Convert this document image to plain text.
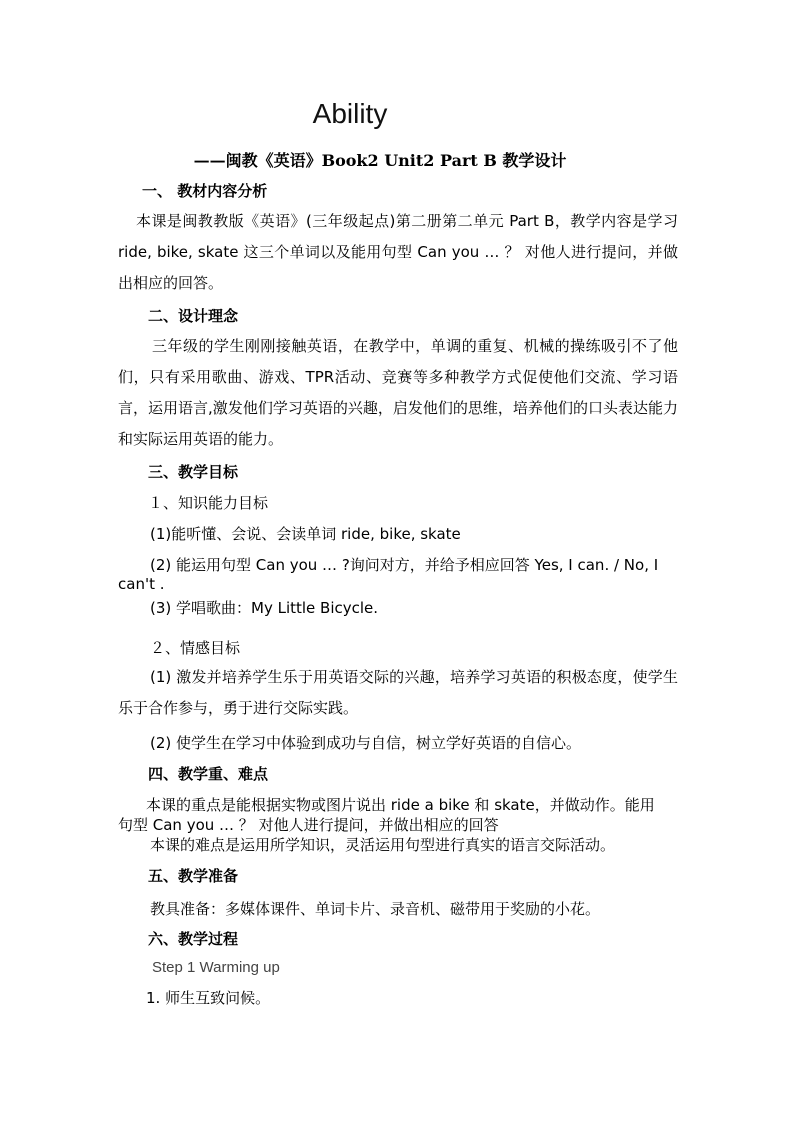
Ability
——闽教《英语》Book2 Unit2 Part B 教学设计
一、 教材内容分析
本课是闽教教版《英语》(三年级起点)第二册第二单元 Part B，教学内容是学习 ride, bike, skate 这三个单词以及能用句型 Can you … ？ 对他人进行提问，并做出相应的回答。
二、设计理念
三年级的学生刚刚接触英语，在教学中，单调的重复、机械的操练吸引不了他们，只有采用歌曲、游戏、TPR活动、竞赛等多种教学方式促使他们交流、学习语言，运用语言,激发他们学习英语的兴趣，启发他们的思维，培养他们的口头表达能力和实际运用英语的能力。
三、教学目标
１、知识能力目标
(1)能听懂、会说、会读单词 ride, bike, skate
(2) 能运用句型 Can you … ?询问对方，并给予相应回答 Yes, I can. / No, I
can't .
(3) 学唱歌曲：My Little Bicycle.
２、情感目标
(1) 激发并培养学生乐于用英语交际的兴趣，培养学习英语的积极态度，使学生乐于合作参与，勇于进行交际实践。
(2) 使学生在学习中体验到成功与自信，树立学好英语的自信心。
四、教学重、难点
本课的重点是能根据实物或图片说出 ride a bike 和 skate，并做动作。能用
句型 Can you … ？ 对他人进行提问，并做出相应的回答
本课的难点是运用所学知识，灵活运用句型进行真实的语言交际活动。
五、教学准备
教具准备：多媒体课件、单词卡片、录音机、磁带用于奖励的小花。
六、教学过程
Step 1 Warming up
1. 师生互致问候。
